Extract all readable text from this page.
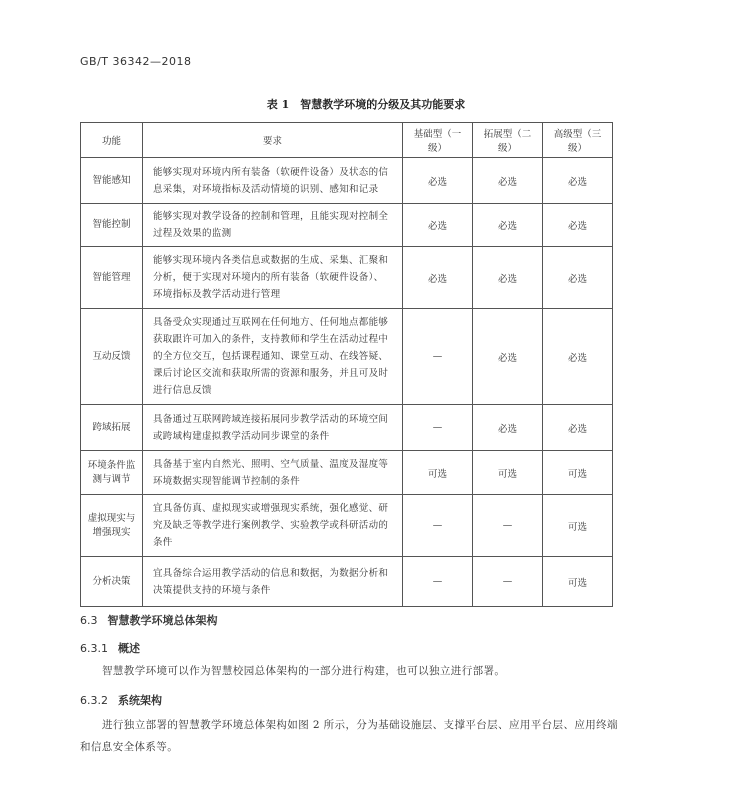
GB/T 36342—2018
表 1　智慧教学环境的分级及其功能要求
功能	要求	基础型（一级）	拓展型（二级）	高级型（三级）
智能感知	能够实现对环境内所有装备（软硬件设备）及状态的信息采集，对环境指标及活动情境的识别、感知和记录	必选	必选	必选
智能控制	能够实现对教学设备的控制和管理，且能实现对控制全过程及效果的监测	必选	必选	必选
智能管理	能够实现环境内各类信息或数据的生成、采集、汇聚和分析，便于实现对环境内的所有装备（软硬件设备）、环境指标及教学活动进行管理	必选	必选	必选
互动反馈	具备受众实现通过互联网在任何地方、任何地点都能够获取跟许可加入的条件，支持教师和学生在活动过程中的全方位交互，包括课程通知、课堂互动、在线答疑、课后讨论区交流和获取所需的资源和服务，并且可及时进行信息反馈	—	必选	必选
跨域拓展	具备通过互联网跨域连接拓展同步教学活动的环境空间或跨域构建虚拟教学活动同步课堂的条件	—	必选	必选
环境条件监测与调节	具备基于室内自然光、照明、空气质量、温度及湿度等环境数据实现智能调节控制的条件	可选	可选	可选
虚拟现实与增强现实	宜具备仿真、虚拟现实或增强现实系统，强化感觉、研究及缺乏等教学进行案例教学、实验教学或科研活动的条件	—	—	可选
分析决策	宜具备综合运用教学活动的信息和数据，为数据分析和决策提供支持的环境与条件	—	—	可选
6.3 智慧教学环境总体架构
6.3.1 概述
智慧教学环境可以作为智慧校园总体架构的一部分进行构建，也可以独立进行部署。
6.3.2 系统架构
进行独立部署的智慧教学环境总体架构如图 2 所示，分为基础设施层、支撑平台层、应用平台层、应用终端和信息安全体系等。
